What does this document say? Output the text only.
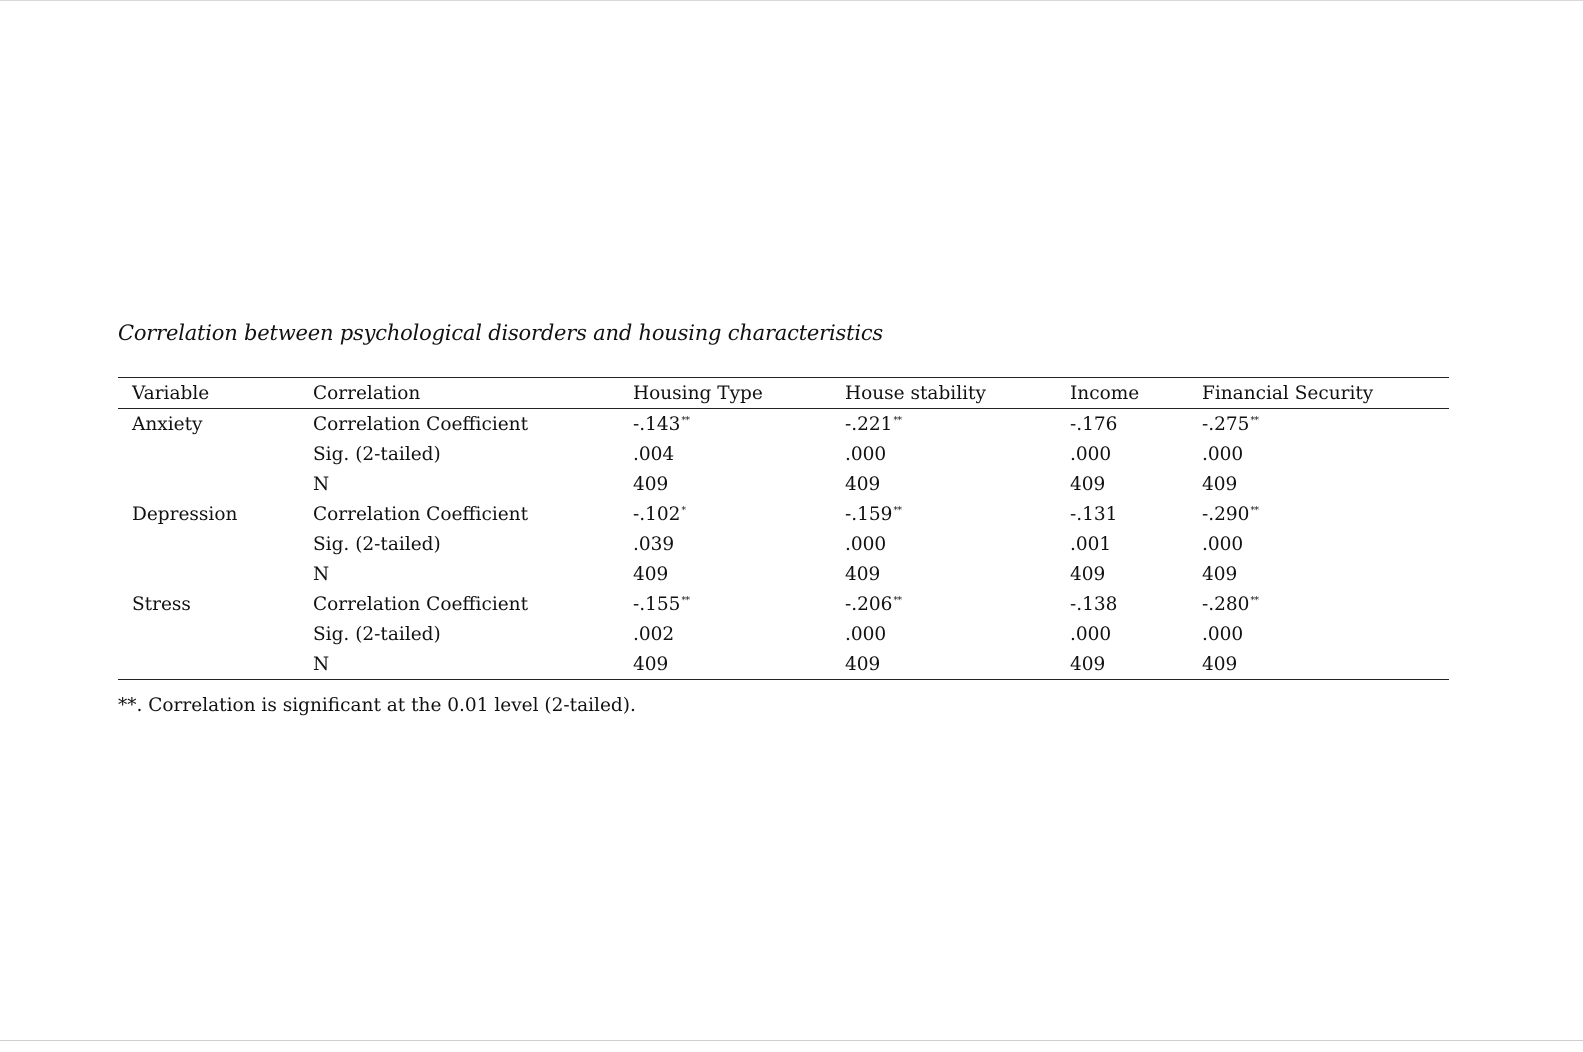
Correlation between psychological disorders and housing characteristics
Variable	Correlation	Housing Type	House stability	Income	Financial Security
Anxiety	Correlation Coefficient	-.143**	-.221**	-.176	-.275**
	Sig. (2-tailed)	.004	.000	.000	.000
	N	409	409	409	409
Depression	Correlation Coefficient	-.102*	-.159**	-.131	-.290**
	Sig. (2-tailed)	.039	.000	.001	.000
	N	409	409	409	409
Stress	Correlation Coefficient	-.155**	-.206**	-.138	-.280**
	Sig. (2-tailed)	.002	.000	.000	.000
	N	409	409	409	409
**. Correlation is significant at the 0.01 level (2-tailed).
